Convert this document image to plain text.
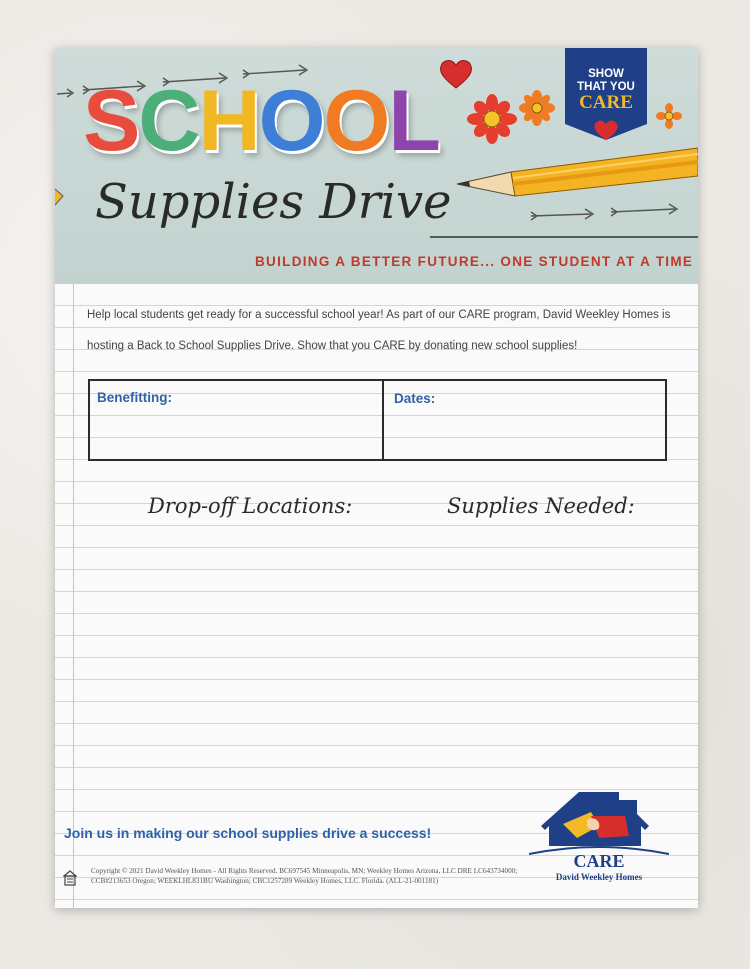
SCHOOL
Supplies Drive
SHOW
THAT YOU
CARE
BUILDING A BETTER FUTURE... ONE STUDENT AT A TIME
Help local students get ready for a successful school year! As part of our CARE program, David Weekley Homes is hosting a Back to School Supplies Drive. Show that you CARE by donating new school supplies!
Benefitting:	Dates:
Drop-off Locations:	Supplies Needed:
Join us in making our school supplies drive a success!
Copyright © 2021 David Weekley Homes - All Rights Reserved. BC697545 Minneapolis, MN; Weekley Homes Arizona, LLC DRE LC643734000; CCB#213653 Oregon; WEEKLHL831BU Washington; CBC1257289 Weekley Homes, LLC. Florida. (ALL-21-001181)
CARE
David Weekley Homes
